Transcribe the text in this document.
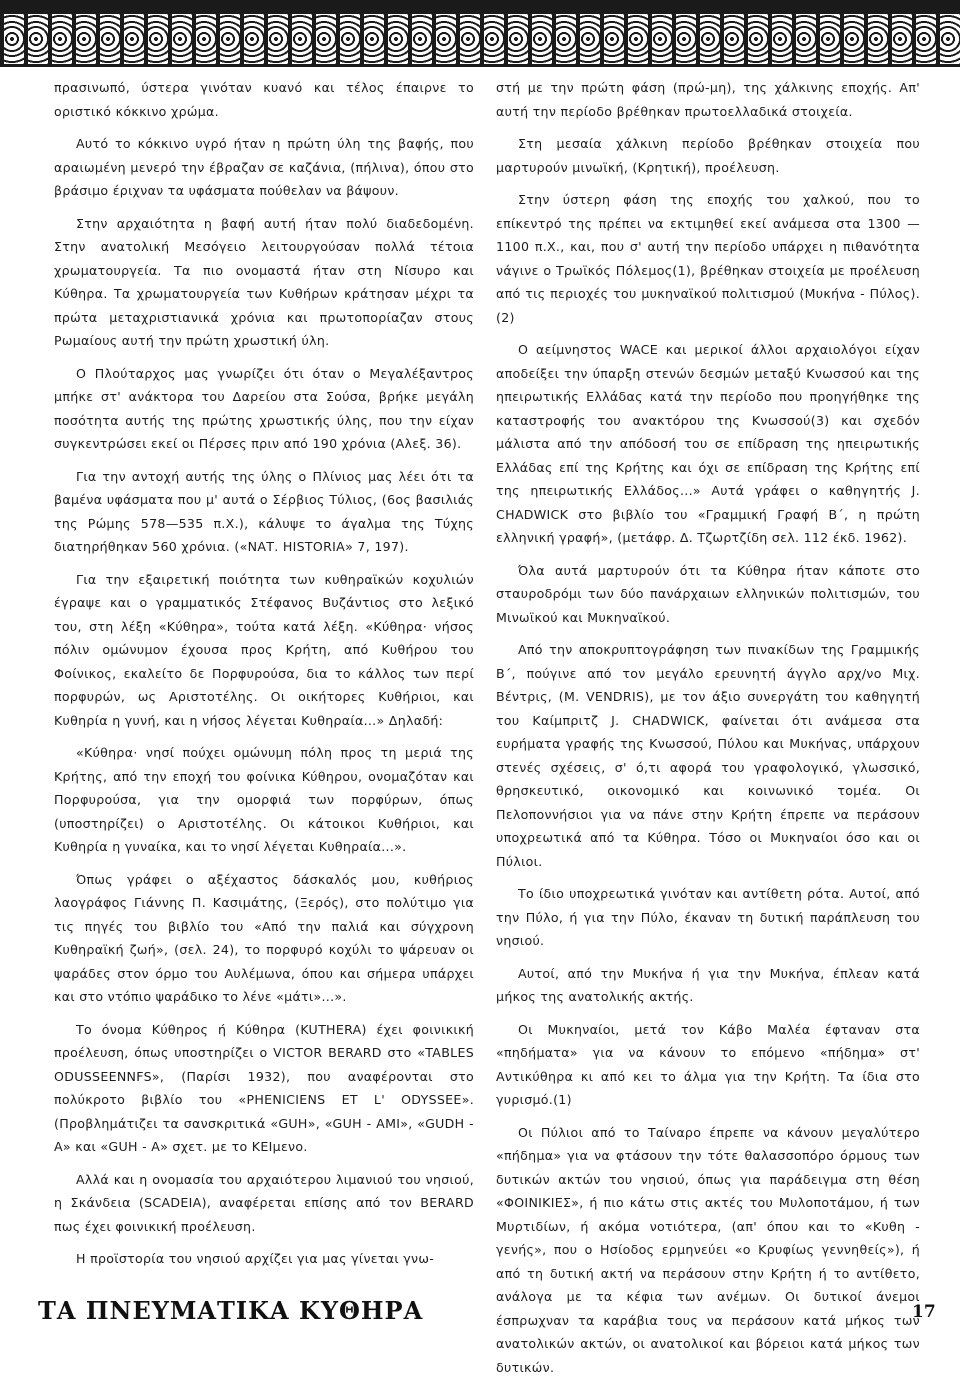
πρασινωπό, ύστερα γινόταν κυανό και τέλος έπαιρνε το οριστικό κόκκινο χρώμα.

Αυτό το κόκκινο υγρό ήταν η πρώτη ύλη της βαφής, που αραιωμένη μενερό την έβραζαν σε καζάνια, (πήλινα), όπου στο βράσιμο έριχναν τα υφάσματα πούθελαν να βάψουν.

Στην αρχαιότητα η βαφή αυτή ήταν πολύ διαδεδομένη. Στην ανατολική Μεσόγειο λειτουργούσαν πολλά τέτοια χρωματουργεία. Τα πιο ονομαστά ήταν στη Νίσυρο και Κύθηρα. Τα χρωματουργεία των Κυθήρων κράτησαν μέχρι τα πρώτα μεταχριστιανικά χρόνια και πρωτοπορίαζαν στους Ρωμαίους αυτή την πρώτη χρωστική ύλη.

Ο Πλούταρχος μας γνωρίζει ότι όταν ο Μεγαλέξαντρος μπήκε στ' ανάκτορα του Δαρείου στα Σούσα, βρήκε μεγάλη ποσότητα αυτής της πρώτης χρωστικής ύλης, που την είχαν συγκεντρώσει εκεί οι Πέρσες πριν από 190 χρόνια (Αλεξ. 36).

Για την αντοχή αυτής της ύλης ο Πλίνιος μας λέει ότι τα βαμένα υφάσματα που μ' αυτά ο Σέρβιος Τύλιος, (6ος βασιλιάς της Ρώμης 578—535 π.Χ.), κάλυψε το άγαλμα της Τύχης διατηρήθηκαν 560 χρόνια. («ΝΑΤ. HISTORIA» 7, 197).

Για την εξαιρετική ποιότητα των κυθηραϊκών κοχυλιών έγραψε και ο γραμματικός Στέφανος Βυζάντιος στο λεξικό του, στη λέξη «Κύθηρα», τούτα κατά λέξη. «Κύθηρα· νήσος πόλιν ομώνυμον έχουσα προς Κρήτη, από Κυθήρου του Φοίνικος, εκαλείτο δε Πορφυρούσα, δια το κάλλος των περί πορφυρών, ως Αριστοτέλης. Οι οικήτορες Κυθήριοι, και Κυθηρία η γυνή, και η νήσος λέγεται Κυθηραία...» Δηλαδή:

«Κύθηρα· νησί πούχει ομώνυμη πόλη προς τη μεριά της Κρήτης, από την εποχή του φοίνικα Κύθηρου, ονομαζόταν και Πορφυρούσα, για την ομορφιά των πορφύρων, όπως (υποστηρίζει) ο Αριστοτέλης. Οι κάτοικοι Κυθήριοι, και Κυθηρία η γυναίκα, και το νησί λέγεται Κυθηραία...».

Όπως γράφει ο αξέχαστος δάσκαλός μου, κυθήριος λαογράφος Γιάννης Π. Κασιμάτης, (Ξερός), στο πολύτιμο για τις πηγές του βιβλίο του «Από την παλιά και σύγχρονη Κυθηραϊκή ζωή», (σελ. 24), το πορφυρό κοχύλι το ψάρευαν οι ψαράδες στον όρμο του Αυλέμωνα, όπου και σήμερα υπάρχει και στο ντόπιο ψαράδικο το λένε «μάτι»...».

Το όνομα Κύθηρος ή Κύθηρα (KUTHERA) έχει φοινικική προέλευση, όπως υποστηρίζει ο VICTOR BERARD στο «TABLES ODUSSEENNFS», (Παρίσι 1932), που αναφέρονται στο πολύκροτο βιβλίο του «PHENICIENS ET L' ODYSSEE». (Προβλημάτιζει τα σανσκριτικά «GUH», «GUH - AMI», «GUDH - A» και «GUH - A» σχετ. με το ΚΕΙμενο.

Αλλά και η ονομασία του αρχαιότερου λιμανιού του νησιού, η Σκάνδεια (SCADEIA), αναφέρεται επίσης από τον BERARD πως έχει φοινικική προέλευση.

Η προϊστορία του νησιού αρχίζει για μας γίνεται γνω-

στή με την πρώτη φάση (πρώ-μη), της χάλκινης εποχής. Απ' αυτή την περίοδο βρέθηκαν πρωτοελλαδικά στοιχεία.

Στη μεσαία χάλκινη περίοδο βρέθηκαν στοιχεία που μαρτυρούν μινωϊκή, (Κρητική), προέλευση.

Στην ύστερη φάση της εποχής του χαλκού, που το επίκεντρό της πρέπει να εκτιμηθεί εκεί ανάμεσα στα 1300 — 1100 π.Χ., και, που σ' αυτή την περίοδο υπάρχει η πιθανότητα νάγινε ο Τρωϊκός Πόλεμος(1), βρέθηκαν στοιχεία με προέλευση από τις περιοχές του μυκηναϊκού πολιτισμού (Μυκήνα - Πύλος).(2)

Ο αείμνηστος WACE και μερικοί άλλοι αρχαιολόγοι είχαν αποδείξει την ύπαρξη στενών δεσμών μεταξύ Κνωσσού και της ηπειρωτικής Ελλάδας κατά την περίοδο που προηγήθηκε της καταστροφής του ανακτόρου της Κνωσσού(3) και σχεδόν μάλιστα από την απόδοσή του σε επίδραση της ηπειρωτικής Ελλάδας επί της Κρήτης και όχι σε επίδραση της Κρήτης επί της ηπειρωτικής Ελλάδος...» Αυτά γράφει ο καθηγητής J. CHADWICK στο βιβλίο του «Γραμμική Γραφή Β΄, η πρώτη ελληνική γραφή», (μετάφρ. Δ. Τζωρτζίδη σελ. 112 έκδ. 1962).

Όλα αυτά μαρτυρούν ότι τα Κύθηρα ήταν κάποτε στο σταυροδρόμι των δύο πανάρχαιων ελληνικών πολιτισμών, του Μινωϊκού και Μυκηναϊκού.

Από την αποκρυπτογράφηση των πινακίδων της Γραμμικής Β΄, πούγινε από τον μεγάλο ερευνητή άγγλο αρχ/νο Μιχ. Βέντρις, (M. VENDRIS), με τον άξιο συνεργάτη του καθηγητή του Καίμπριτζ J. CHADWICK, φαίνεται ότι ανάμεσα στα ευρήματα γραφής της Κνωσσού, Πύλου και Μυκήνας, υπάρχουν στενές σχέσεις, σ' ό,τι αφορά του γραφολογικό, γλωσσικό, θρησκευτικό, οικονομικό και κοινωνικό τομέα. Οι Πελοποννήσιοι για να πάνε στην Κρήτη έπρεπε να περάσουν υποχρεωτικά από τα Κύθηρα. Τόσο οι Μυκηναίοι όσο και οι Πύλιοι.

Το ίδιο υποχρεωτικά γινόταν και αντίθετη ρότα. Αυτοί, από την Πύλο, ή για την Πύλο, έκαναν τη δυτική παράπλευση του νησιού.

Αυτοί, από την Μυκήνα ή για την Μυκήνα, έπλεαν κατά μήκος της ανατολικής ακτής.

Οι Μυκηναίοι, μετά τον Κάβο Μαλέα έφταναν στα «πηδήματα» για να κάνουν το επόμενο «πήδημα» στ' Αντικύθηρα κι από κει το άλμα για την Κρήτη. Τα ίδια στο γυρισμό.(1)

Οι Πύλιοι από το Ταίναρο έπρεπε να κάνουν μεγαλύτερο «πήδημα» για να φτάσουν την τότε θαλασσοπόρο όρμους των δυτικών ακτών του νησιού, όπως για παράδειγμα στη θέση «ΦΟΙΝΙΚΙΕΣ», ή πιο κάτω στις ακτές του Μυλοποτάμου, ή των Μυρτιδίων, ή ακόμα νοτιότερα, (απ' όπου και το «Κυθη - γενής», που ο Ησίοδος ερμηνεύει «ο Κρυφίως γεννηθείς»), ή από τη δυτική ακτή να περάσουν στην Κρήτη ή το αντίθετο, ανάλογα με τα κέφια των ανέμων. Οι δυτικοί άνεμοι έσπρωχναν τα καράβια τους να περάσουν κατά μήκος των ανατολικών ακτών, οι ανατολικοί και βόρειοι κατά μήκος των δυτικών.

ΤΑ ΠΝΕΥΜΑΤΙΚΑ ΚΥΘΗΡΑ	17
